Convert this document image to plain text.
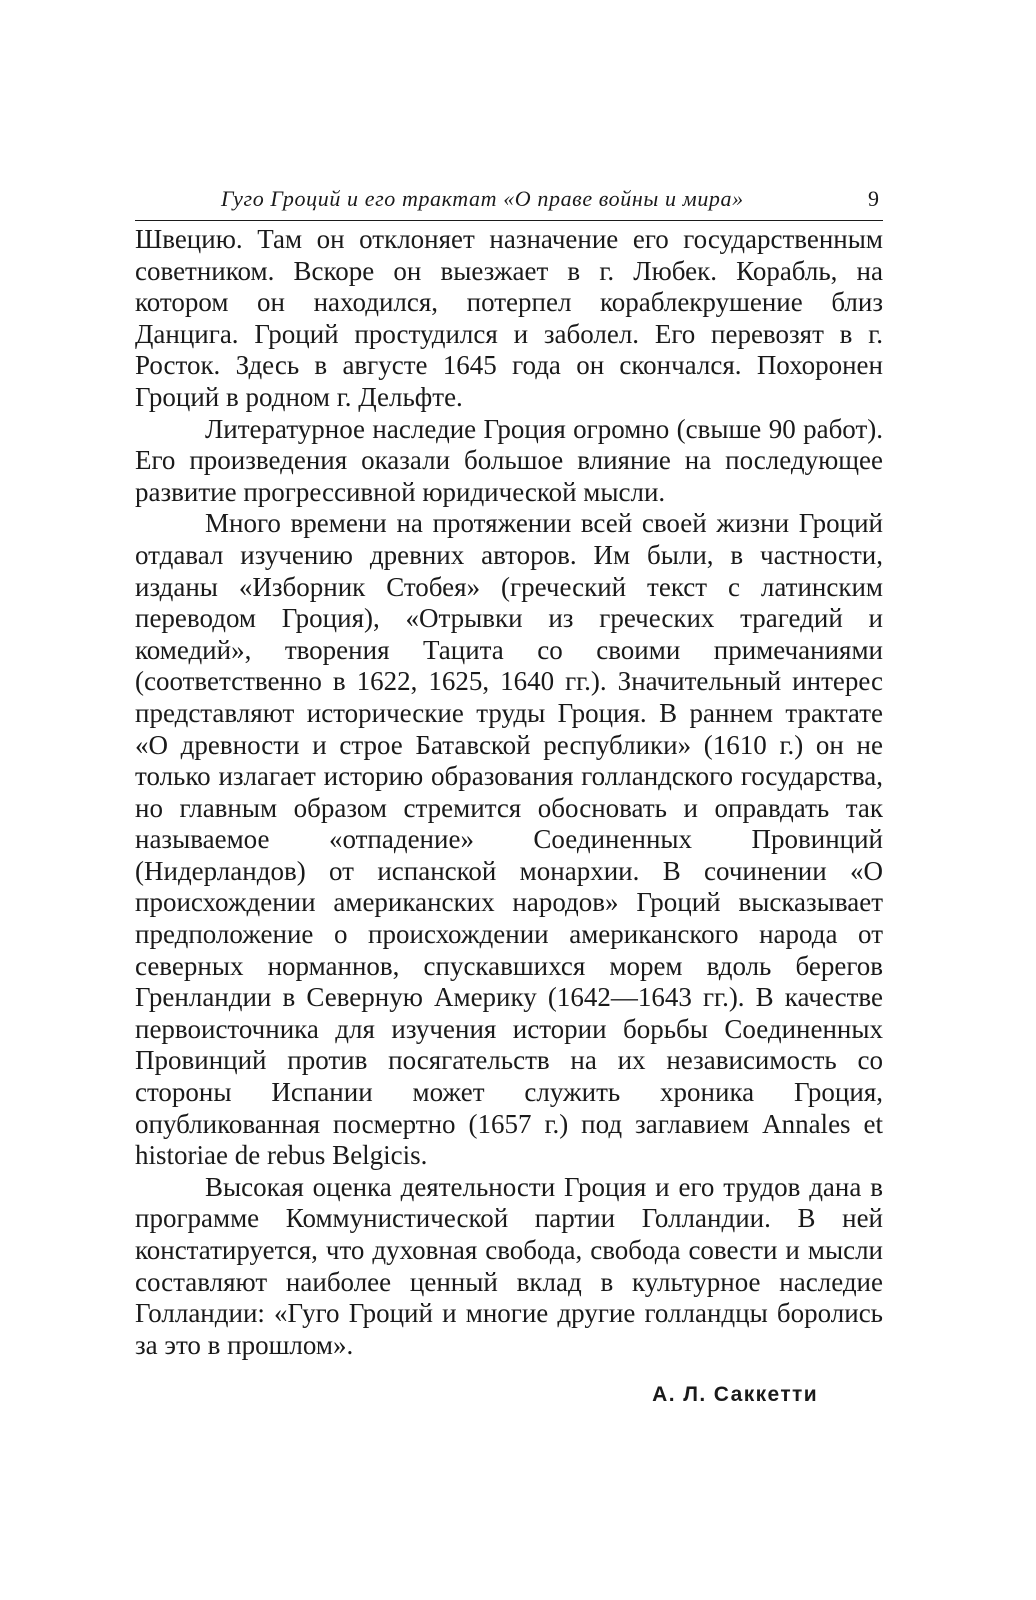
Гуго Гроций и его трактат «О праве войны и мира»	9

Швецию. Там он отклоняет назначение его государственным советником. Вскоре он выезжает в г. Любек. Корабль, на котором он находился, потерпел кораблекрушение близ Данцига. Гроций простудился и заболел. Его перевозят в г. Росток. Здесь в августе 1645 года он скончался. Похоронен Гроций в родном г. Дельфте.

Литературное наследие Гроция огромно (свыше 90 работ). Его произведения оказали большое влияние на последующее развитие прогрессивной юридической мысли.

Много времени на протяжении всей своей жизни Гроций отдавал изучению древних авторов. Им были, в частности, изданы «Изборник Стобея» (греческий текст с латинским переводом Гроция), «Отрывки из греческих трагедий и комедий», творения Тацита со своими примечаниями (соответственно в 1622, 1625, 1640 гг.). Значительный интерес представляют исторические труды Гроция. В раннем трактате «О древности и строе Батавской республики» (1610 г.) он не только излагает историю образования голландского государства, но главным образом стремится обосновать и оправдать так называемое «отпадение» Соединенных Провинций (Нидерландов) от испанской монархии. В сочинении «О происхождении американских народов» Гроций высказывает предположение о происхождении американского народа от северных норманнов, спускавшихся морем вдоль берегов Гренландии в Северную Америку (1642—1643 гг.). В качестве первоисточника для изучения истории борьбы Соединенных Провинций против посягательств на их независимость со стороны Испании может служить хроника Гроция, опубликованная посмертно (1657 г.) под заглавием Annales et historiae de rebus Belgicis.

Высокая оценка деятельности Гроция и его трудов дана в программе Коммунистической партии Голландии. В ней констатируется, что духовная свобода, свобода совести и мысли составляют наиболее ценный вклад в культурное наследие Голландии: «Гуго Гроций и многие другие голландцы боролись за это в прошлом».

А. Л. Саккетти
